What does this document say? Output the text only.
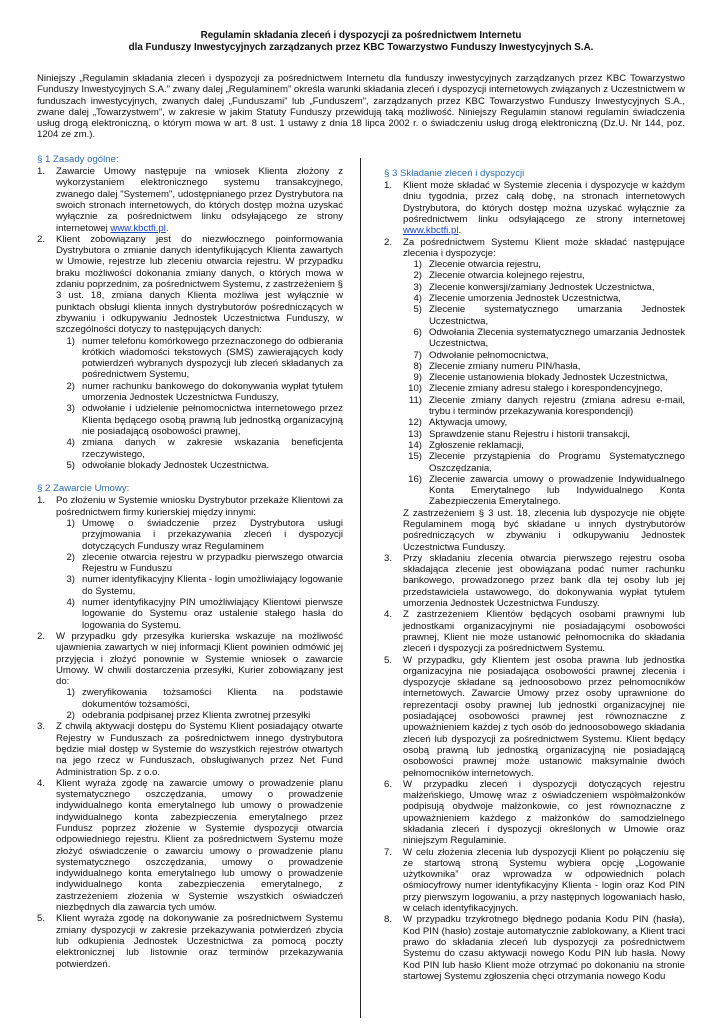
Regulamin składania zleceń i dyspozycji za pośrednictwem Internetu
dla Funduszy Inwestycyjnych zarządzanych przez KBC Towarzystwo Funduszy Inwestycyjnych S.A.

Niniejszy „Regulamin składania zleceń i dyspozycji za pośrednictwem Internetu dla funduszy inwestycyjnych zarządzanych przez KBC Towarzystwo Funduszy Inwestycyjnych S.A.” zwany dalej „Regulaminem” określa warunki składania zleceń i dyspozycji internetowych związanych z Uczestnictwem w funduszach inwestycyjnych, zwanych dalej „Funduszami” lub „Funduszem”, zarządzanych przez KBC Towarzystwo Funduszy Inwestycyjnych S.A., zwane dalej „Towarzystwem”, w zakresie w jakim Statuty Funduszy przewidują taką możliwość. Niniejszy Regulamin stanowi regulamin świadczenia usług drogą elektroniczną, o którym mowa w art. 8 ust. 1 ustawy z dnia 18 lipca 2002 r. o świadczeniu usług drogą elektroniczną (Dz.U. Nr 144, poz. 1204 ze zm.).

§ 1 Zasady ogólne:
1.	Zawarcie Umowy następuje na wniosek Klienta złożony z wykorzystaniem elektronicznego systemu transakcyjnego, zwanego dalej "Systemem", udostępnianego przez Dystrybutora na swoich stronach internetowych, do których dostęp można uzyskać wyłącznie za pośrednictwem linku odsyłającego ze strony internetowej www.kbctfi.pl.
2.	Klient zobowiązany jest do niezwłocznego poinformowania Dystrybutora o zmianie danych identyfikujących Klienta zawartych w Umowie, rejestrze lub zleceniu otwarcia rejestru. W przypadku braku możliwości dokonania zmiany danych, o których mowa w zdaniu poprzednim, za pośrednictwem Systemu, z zastrzeżeniem § 3 ust. 18, zmiana danych Klienta możliwa jest wyłącznie w punktach obsługi klienta innych dystrybutorów pośredniczących w zbywaniu i odkupywaniu Jednostek Uczestnictwa Funduszy, w szczególności dotyczy to następujących danych:
1) numer telefonu komórkowego przeznaczonego do odbierania krótkich wiadomości tekstowych (SMS) zawierających kody potwierdzeń wybranych dyspozycji lub zleceń składanych za pośrednictwem Systemu,
2) numer rachunku bankowego do dokonywania wypłat tytułem umorzenia Jednostek Uczestnictwa Funduszy,
3) odwołanie i udzielenie pełnomocnictwa internetowego przez Klienta będącego osobą prawną lub jednostką organizacyjną nie posiadającą osobowości prawnej,
4) zmiana danych w zakresie wskazania beneficjenta rzeczywistego,
5) odwołanie blokady Jednostek Uczestnictwa.
§ 2 Zawarcie Umowy:
1.	Po złożeniu w Systemie wniosku Dystrybutor przekaże Klientowi za pośrednictwem firmy kurierskiej między innymi:
1) Umowę o świadczenie przez Dystrybutora usługi przyjmowania i przekazywania zleceń i dyspozycji dotyczących Funduszy wraz Regulaminem
2) zlecenie otwarcia rejestru w przypadku pierwszego otwarcia Rejestru w Funduszu
3) numer identyfikacyjny Klienta - login umożliwiający logowanie do Systemu,
4) numer identyfikacyjny PIN umożliwiający Klientowi pierwsze logowanie do Systemu oraz ustalenie stałego hasła do logowania do Systemu.
2.	W przypadku gdy przesyłka kurierska wskazuje na możliwość ujawnienia zawartych w niej informacji Klient powinien odmówić jej przyjęcia i złożyć ponownie w Systemie wniosek o zawarcie Umowy. W chwili dostarczenia przesyłki, Kurier zobowiązany jest do:
1) zweryfikowania tożsamości Klienta na podstawie dokumentów tożsamości,
2) odebrania podpisanej przez Klienta zwrotnej przesyłki
3.	Z chwilą aktywacji dostępu do Systemu Klient posiadający otwarte Rejestry w Funduszach za pośrednictwem innego dystrybutora będzie miał dostęp w Systemie do wszystkich rejestrów otwartych na jego rzecz w Funduszach, obsługiwanych przez Net Fund Administration Sp. z o.o.
4.	Klient wyraża zgodę na zawarcie umowy o prowadzenie planu systematycznego oszczędzania, umowy o prowadzenie indywidualnego konta emerytalnego lub umowy o prowadzenie indywidualnego konta zabezpieczenia emerytalnego przez Fundusz poprzez złożenie w Systemie dyspozycji otwarcia odpowiedniego rejestru. Klient za pośrednictwem Systemu może złożyć oświadczenie o zawarciu umowy o prowadzenie planu systematycznego oszczędzania, umowy o prowadzenie indywidualnego konta emerytalnego lub umowy o prowadzenie indywidualnego konta zabezpieczenia emerytalnego, z zastrzeżeniem złożenia w Systemie wszystkich oświadczeń niezbędnych dla zawarcia tych umów.
5.	Klient wyraża zgodę na dokonywanie za pośrednictwem Systemu zmiany dyspozycji w zakresie przekazywania potwierdzeń zbycia lub odkupienia Jednostek Uczestnictwa za pomocą poczty elektronicznej lub listownie oraz terminów przekazywania potwierdzeń.
§ 3 Składanie zleceń i dyspozycji
1.	Klient może składać w Systemie zlecenia i dyspozycje w każdym dniu tygodnia, przez całą dobę, na stronach internetowych Dystrybutora, do których dostęp można uzyskać wyłącznie za pośrednictwem linku odsyłającego ze strony internetowej www.kbctfi.pl.
2.	Za pośrednictwem Systemu Klient może składać następujące zlecenia i dyspozycje:
1) Zlecenie otwarcia rejestru,
2) Zlecenie otwarcia kolejnego rejestru,
3) Zlecenie konwersji/zamiany Jednostek Uczestnictwa,
4) Zlecenie umorzenia Jednostek Uczestnictwa,
5) Zlecenie systematycznego umarzania Jednostek Uczestnictwa,
6) Odwołania Zlecenia systematycznego umarzania Jednostek Uczestnictwa,
7) Odwołanie pełnomocnictwa,
8) Zlecenie zmiany numeru PIN/hasła,
9) Zlecenie ustanowienia blokady Jednostek Uczestnictwa,
10) Zlecenie zmiany adresu stałego i korespondencyjnego,
11) Zlecenie zmiany danych rejestru (zmiana adresu e-mail, trybu i terminów przekazywania korespondencji)
12) Aktywacja umowy,
13) Sprawdzenie stanu Rejestru i historii transakcji,
14) Zgłoszenie reklamacji,
15) Zlecenie przystąpienia do Programu Systematycznego Oszczędzania,
16) Zlecenie zawarcia umowy o prowadzenie Indywidualnego Konta Emerytalnego lub Indywidualnego Konta Zabezpieczenia Emerytalnego.
Z zastrzeżeniem § 3 ust. 18, zlecenia lub dyspozycje nie objęte Regulaminem mogą być składane u innych dystrybutorów pośredniczących w zbywaniu i odkupywaniu Jednostek Uczestnictwa Funduszy.
3.	Przy składaniu zlecenia otwarcia pierwszego rejestru osoba składająca zlecenie jest obowiązana podać numer rachunku bankowego, prowadzonego przez bank dla tej osoby lub jej przedstawiciela ustawowego, do dokonywania wypłat tytułem umorzenia Jednostek Uczestnictwa Funduszy.
4.	Z zastrzeżeniem Klientów będących osobami prawnymi lub jednostkami organizacyjnymi nie posiadającymi osobowości prawnej, Klient nie może ustanowić pełnomocnika do składania zleceń i dyspozycji za pośrednictwem Systemu.
5.	W przypadku, gdy Klientem jest osoba prawna lub jednostka organizacyjna nie posiadająca osobowości prawnej zlecenia i dyspozycje składane są jednoosobowo przez pełnomocników internetowych. Zawarcie Umowy przez osoby uprawnione do reprezentacji osoby prawnej lub jednostki organizacyjnej nie posiadającej osobowości prawnej jest równoznaczne z upoważnieniem każdej z tych osób do jednoosobowego składania zleceń lub dyspozycji za pośrednictwem Systemu. Klient będący osobą prawną lub jednostką organizacyjną nie posiadającą osobowości prawnej może ustanowić maksymalnie dwóch pełnomocników internetowych.
6.	W przypadku zleceń i dyspozycji dotyczących rejestru małżeńskiego, Umowę wraz z oświadczeniem współmałżonków podpisują obydwoje małżonkowie, co jest równoznaczne z upoważnieniem każdego z małżonków do samodzielnego składania zleceń i dyspozycji określonych w Umowie oraz niniejszym Regulaminie.
7.	W celu złożenia zlecenia lub dyspozycji Klient po połączeniu się ze startową stroną Systemu wybiera opcję „Logowanie użytkownika” oraz wprowadza w odpowiednich polach ośmiocyfrowy numer identyfikacyjny Klienta - login oraz Kod PIN przy pierwszym logowaniu, a przy następnych logowaniach hasło, w celach identyfikacyjnych.
8.	W przypadku trzykrotnego błędnego podania Kodu PIN (hasła), Kod PIN (hasło) zostaje automatycznie zablokowany, a Klient traci prawo do składania zleceń lub dyspozycji za pośrednictwem Systemu do czasu aktywacji nowego Kodu PIN lub hasła. Nowy Kod PIN lub hasło Klient może otrzymać po dokonaniu na stronie startowej Systemu zgłoszenia chęci otrzymania nowego Kodu
